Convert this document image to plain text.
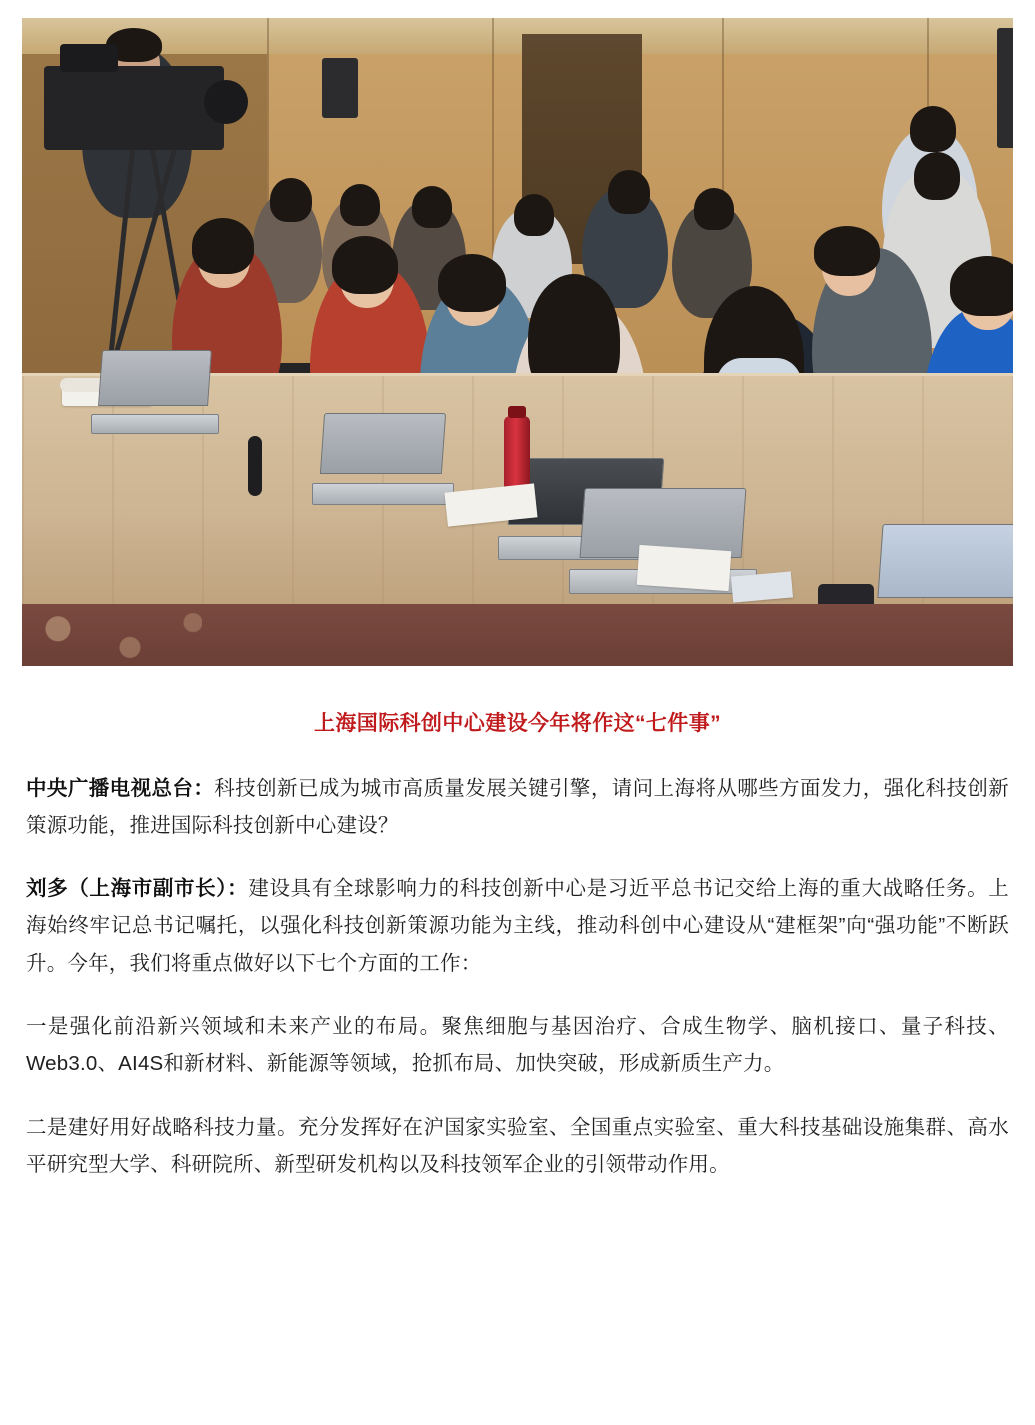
上海国际科创中心建设今年将作这“七件事”

中央广播电视总台：科技创新已成为城市高质量发展关键引擎，请问上海将从哪些方面发力，强化科技创新策源功能，推进国际科技创新中心建设？

刘多（上海市副市长）：建设具有全球影响力的科技创新中心是习近平总书记交给上海的重大战略任务。上海始终牢记总书记嘱托，以强化科技创新策源功能为主线，推动科创中心建设从“建框架”向“强功能”不断跃升。今年，我们将重点做好以下七个方面的工作：

一是强化前沿新兴领域和未来产业的布局。聚焦细胞与基因治疗、合成生物学、脑机接口、量子科技、Web3.0、AI4S和新材料、新能源等领域，抢抓布局、加快突破，形成新质生产力。

二是建好用好战略科技力量。充分发挥好在沪国家实验室、全国重点实验室、重大科技基础设施集群、高水平研究型大学、科研院所、新型研发机构以及科技领军企业的引领带动作用。
